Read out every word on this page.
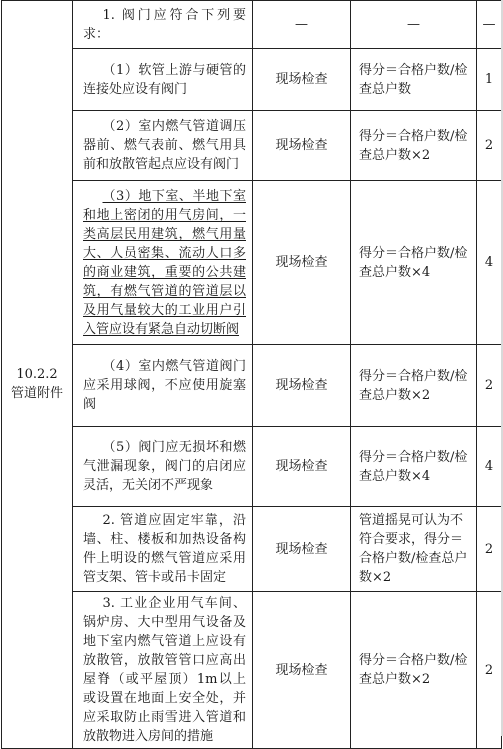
10.2.2
管道附件	1. 阀门应符合下列要求：	—	—	—

	（1）软管上游与硬管的连接处应设有阀门	现场检查	得分＝合格户数/检查总户数	1

	（2）室内燃气管道调压器前、燃气表前、燃气用具前和放散管起点应设有阀门	现场检查	得分＝合格户数/检查总户数×2	2

	（3）地下室、半地下室和地上密闭的用气房间，一类高层民用建筑，燃气用量大、人员密集、流动人口多的商业建筑，重要的公共建筑，有燃气管道的管道层以及用气量较大的工业用户引入管应设有紧急自动切断阀	现场检查	得分＝合格户数/检查总户数×4	4

	（4）室内燃气管道阀门应采用球阀，不应使用旋塞阀	现场检查	得分＝合格户数/检查总户数×2	2

	（5）阀门应无损坏和燃气泄漏现象，阀门的启闭应灵活，无关闭不严现象	现场检查	得分＝合格户数/检查总户数×4	4

	2. 管道应固定牢靠，沿墙、柱、楼板和加热设备构件上明设的燃气管道应采用管支架、管卡或吊卡固定	现场检查	管道摇晃可认为不符合要求，得分＝合格户数/检查总户数×2	2

	3. 工业企业用气车间、锅炉房、大中型用气设备及地下室内燃气管道上应设有放散管，放散管管口应高出屋脊（或平屋顶）1m以上或设置在地面上安全处，并应采取防止雨雪进入管道和放散物进入房间的措施	现场检查	得分＝合格户数/检查总户数×2	2
